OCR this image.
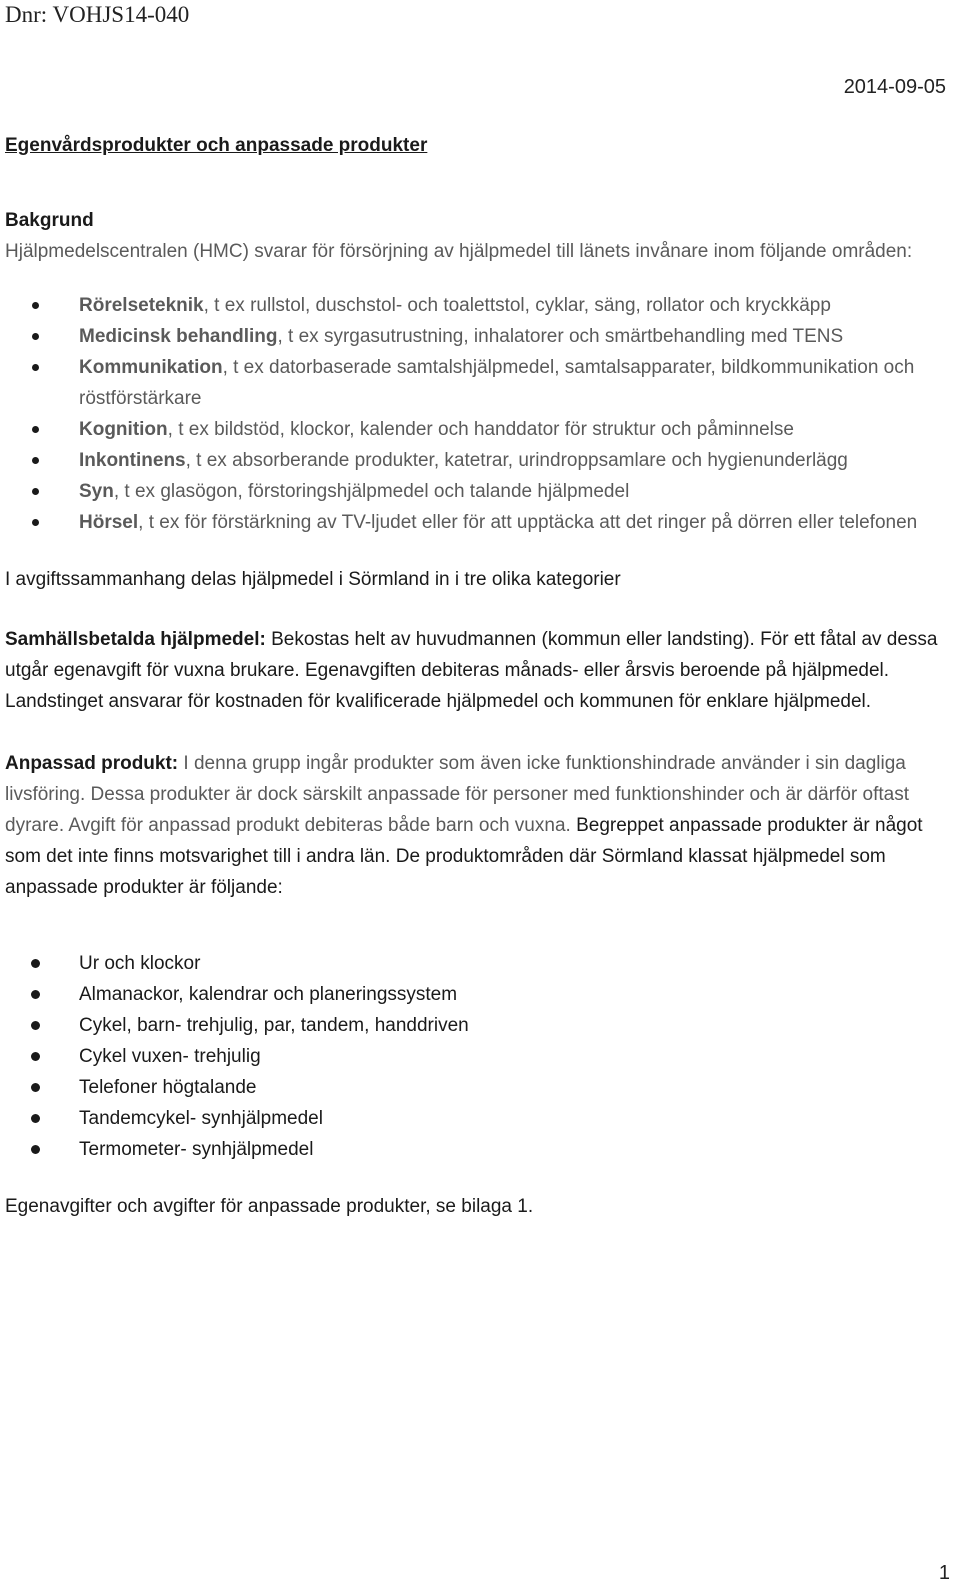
Dnr: VOHJS14-040
2014-09-05
Egenvårdsprodukter och anpassade produkter
Bakgrund

Hjälpmedelscentralen (HMC) svarar för försörjning av hjälpmedel till länets invånare inom följande områden:

Rörelseteknik, t ex rullstol, duschstol- och toalettstol, cyklar, säng, rollator och kryckkäpp
Medicinsk behandling, t ex syrgasutrustning, inhalatorer och smärtbehandling med TENS
Kommunikation, t ex datorbaserade samtalshjälpmedel, samtalsapparater, bildkommunikation och röstförstärkare
Kognition, t ex bildstöd, klockor, kalender och handdator för struktur och påminnelse
Inkontinens, t ex absorberande produkter, katetrar, urindroppsamlare och hygienunderlägg
Syn, t ex glasögon, förstoringshjälpmedel och talande hjälpmedel
Hörsel, t ex för förstärkning av TV-ljudet eller för att upptäcka att det ringer på dörren eller telefonen

I avgiftssammanhang delas hjälpmedel i Sörmland in i tre olika kategorier

Samhällsbetalda hjälpmedel: Bekostas helt av huvudmannen (kommun eller landsting). För ett fåtal av dessa utgår egenavgift för vuxna brukare. Egenavgiften debiteras månads- eller årsvis beroende på hjälpmedel. Landstinget ansvarar för kostnaden för kvalificerade hjälpmedel och kommunen för enklare hjälpmedel.

Anpassad produkt: I denna grupp ingår produkter som även icke funktionshindrade använder i sin dagliga livsföring. Dessa produkter är dock särskilt anpassade för personer med funktionshinder och är därför oftast dyrare. Avgift för anpassad produkt debiteras både barn och vuxna. Begreppet anpassade produkter är något som det inte finns motsvarighet till i andra län. De produktområden där Sörmland klassat hjälpmedel som anpassade produkter är följande:

Ur och klockor
Almanackor, kalendrar och planeringssystem
Cykel, barn- trehjulig, par, tandem, handdriven
Cykel vuxen- trehjulig
Telefoner högtalande
Tandemcykel- synhjälpmedel
Termometer- synhjälpmedel

Egenavgifter och avgifter för anpassade produkter, se bilaga 1.

1
